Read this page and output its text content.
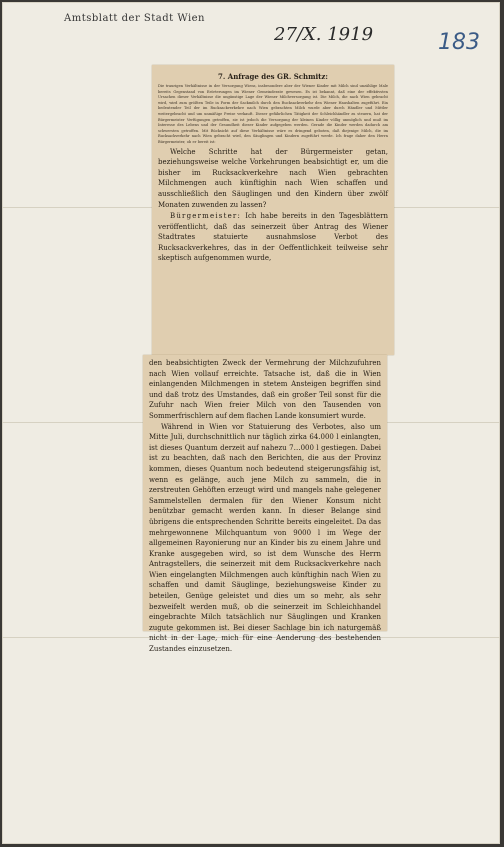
Amtsblatt der Stadt Wien
27/X. 1919	183
7. Anfrage des GR. Schmitz:
Die traurigen Verhältnisse in der Versorgung Wiens, insbesondere aber der Wiener Kinder mit Milch sind unzählige Male bereits Gegenstand von Erörterungen im Wiener Gemeinderate gewesen. Es ist bekannt, daß eine der effektivsten Ursachen dieser Verhältnisse die ungünstige Lage der Wiener Milchversorgung ist. Die Milch, die nach Wien gebracht wird, wird zum größten Teile in Form der Sackmilch durch den Rucksackverkehr den Wiener Haushalten zugeführt. Ein bedeutender Teil der im Rucksackverkehre nach Wien gebrachten Milch wurde aber durch Händler und Mittler weitergebracht und um unmäßige Preise verkauft. Dieser gefährlichen Tätigkeit der Schleichhändler zu steuern, hat der Bürgermeister Verfügungen getroffen, sie ist jedoch die Versorgung der kleinen Kinder völlig unmöglich und muß im Interesse des Lebens und der Gesundheit dieser Kinder aufgegeben werden. Gerade die Kinder werden dadurch am schwersten getroffen. Mit Rücksicht auf diese Verhältnisse wäre es dringend geboten, daß diejenige Milch, die im Rucksackverkehr nach Wien gebracht wird, den Säuglingen und Kindern zugeführt werde. Ich frage daher den Herrn Bürgermeister, ob er bereit ist:
Welche Schritte hat der Bürgermeister getan, beziehungsweise welche Vorkehrungen beabsichtigt er, um die bisher im Rucksackverkehre nach Wien gebrachten Milchmengen auch künftighin nach Wien schaffen und ausschließlich den Säuglingen und den Kindern über zwölf Monaten zuwenden zu lassen?
Bürgermeister: Ich habe bereits in den Tagesblättern veröffentlicht, daß das seinerzeit über Antrag des Wiener Stadtrates statuierte ausnahmslose Verbot des Rucksackverkehres, das in der Oeffentlichkeit teilweise sehr skeptisch aufgenommen wurde,
den beabsichtigten Zweck der Vermehrung der Milchzufuhren nach Wien vollauf erreichte. Tatsache ist, daß die in Wien einlangenden Milchmengen in stetem Ansteigen begriffen sind und daß trotz des Umstandes, daß ein großer Teil sonst für die Zufuhr nach Wien freier Milch von den Tausenden von Sommerfrischlern auf dem flachen Lande konsumiert wurde.
Während in Wien vor Statuierung des Verbotes, also um Mitte Juli, durchschnittlich nur täglich zirka 64.000 l einlangten, ist dieses Quantum derzeit auf nahezu 7…000 l gestiegen. Dabei ist zu beachten, daß nach den Berichten, die aus der Provinz kommen, dieses Quantum noch bedeutend steigerungsfähig ist, wenn es gelänge, auch jene Milch zu sammeln, die in zerstreuten Gehöften erzeugt wird und mangels nahe gelegener Sammelstellen dermalen für den Wiener Konsum nicht benützbar gemacht werden kann. In dieser Belange sind übrigens die entsprechenden Schritte bereits eingeleitet. Da das mehrgewonnene Milchquantum von 9000 l im Wege der allgemeinen Rayonierung nur an Kinder bis zu einem Jahre und Kranke ausgegeben wird, so ist dem Wunsche des Herrn Antragstellers, die seinerzeit mit dem Rucksackverkehre nach Wien eingelangten Milchmengen auch künftighin nach Wien zu schaffen und damit Säuglinge, beziehungsweise Kinder zu beteilen, Genüge geleistet und dies um so mehr, als sehr bezweifelt werden muß, ob die seinerzeit im Schleichhandel eingebrachte Milch tatsächlich nur Säuglingen und Kranken zugute gekommen ist. Bei dieser Sachlage bin ich naturgemäß nicht in der Lage, mich für eine Aenderung des bestehenden Zustandes einzusetzen.
